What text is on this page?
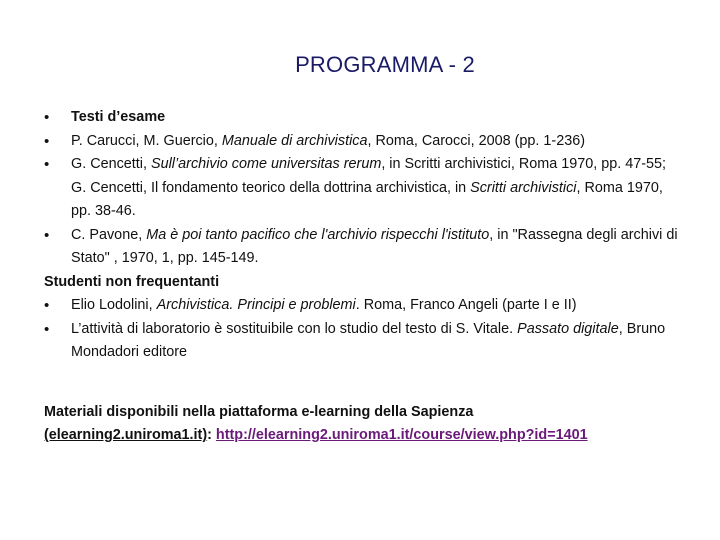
PROGRAMMA - 2
•	Testi d’esame
•	P. Carucci, M. Guercio, Manuale di archivistica, Roma, Carocci, 2008 (pp. 1-236)
•	G. Cencetti, Sull’archivio come universitas rerum, in Scritti archivistici, Roma 1970, pp. 47-55; G. Cencetti, Il fondamento teorico della dottrina archivistica, in Scritti archivistici, Roma 1970, pp. 38-46.
•	C. Pavone, Ma è poi tanto pacifico che l'archivio rispecchi l'istituto, in "Rassegna degli archivi di Stato" , 1970, 1, pp. 145-149.

Studenti non frequentanti

•	Elio Lodolini, Archivistica. Principi e problemi. Roma, Franco Angeli (parte I e II)
•	L’attività di laboratorio è sostituibile con lo studio del testo di S. Vitale. Passato digitale, Bruno Mondadori editore
Materiali disponibili nella piattaforma e-learning della Sapienza
(elearning2.uniroma1.it): http://elearning2.uniroma1.it/course/view.php?id=1401
